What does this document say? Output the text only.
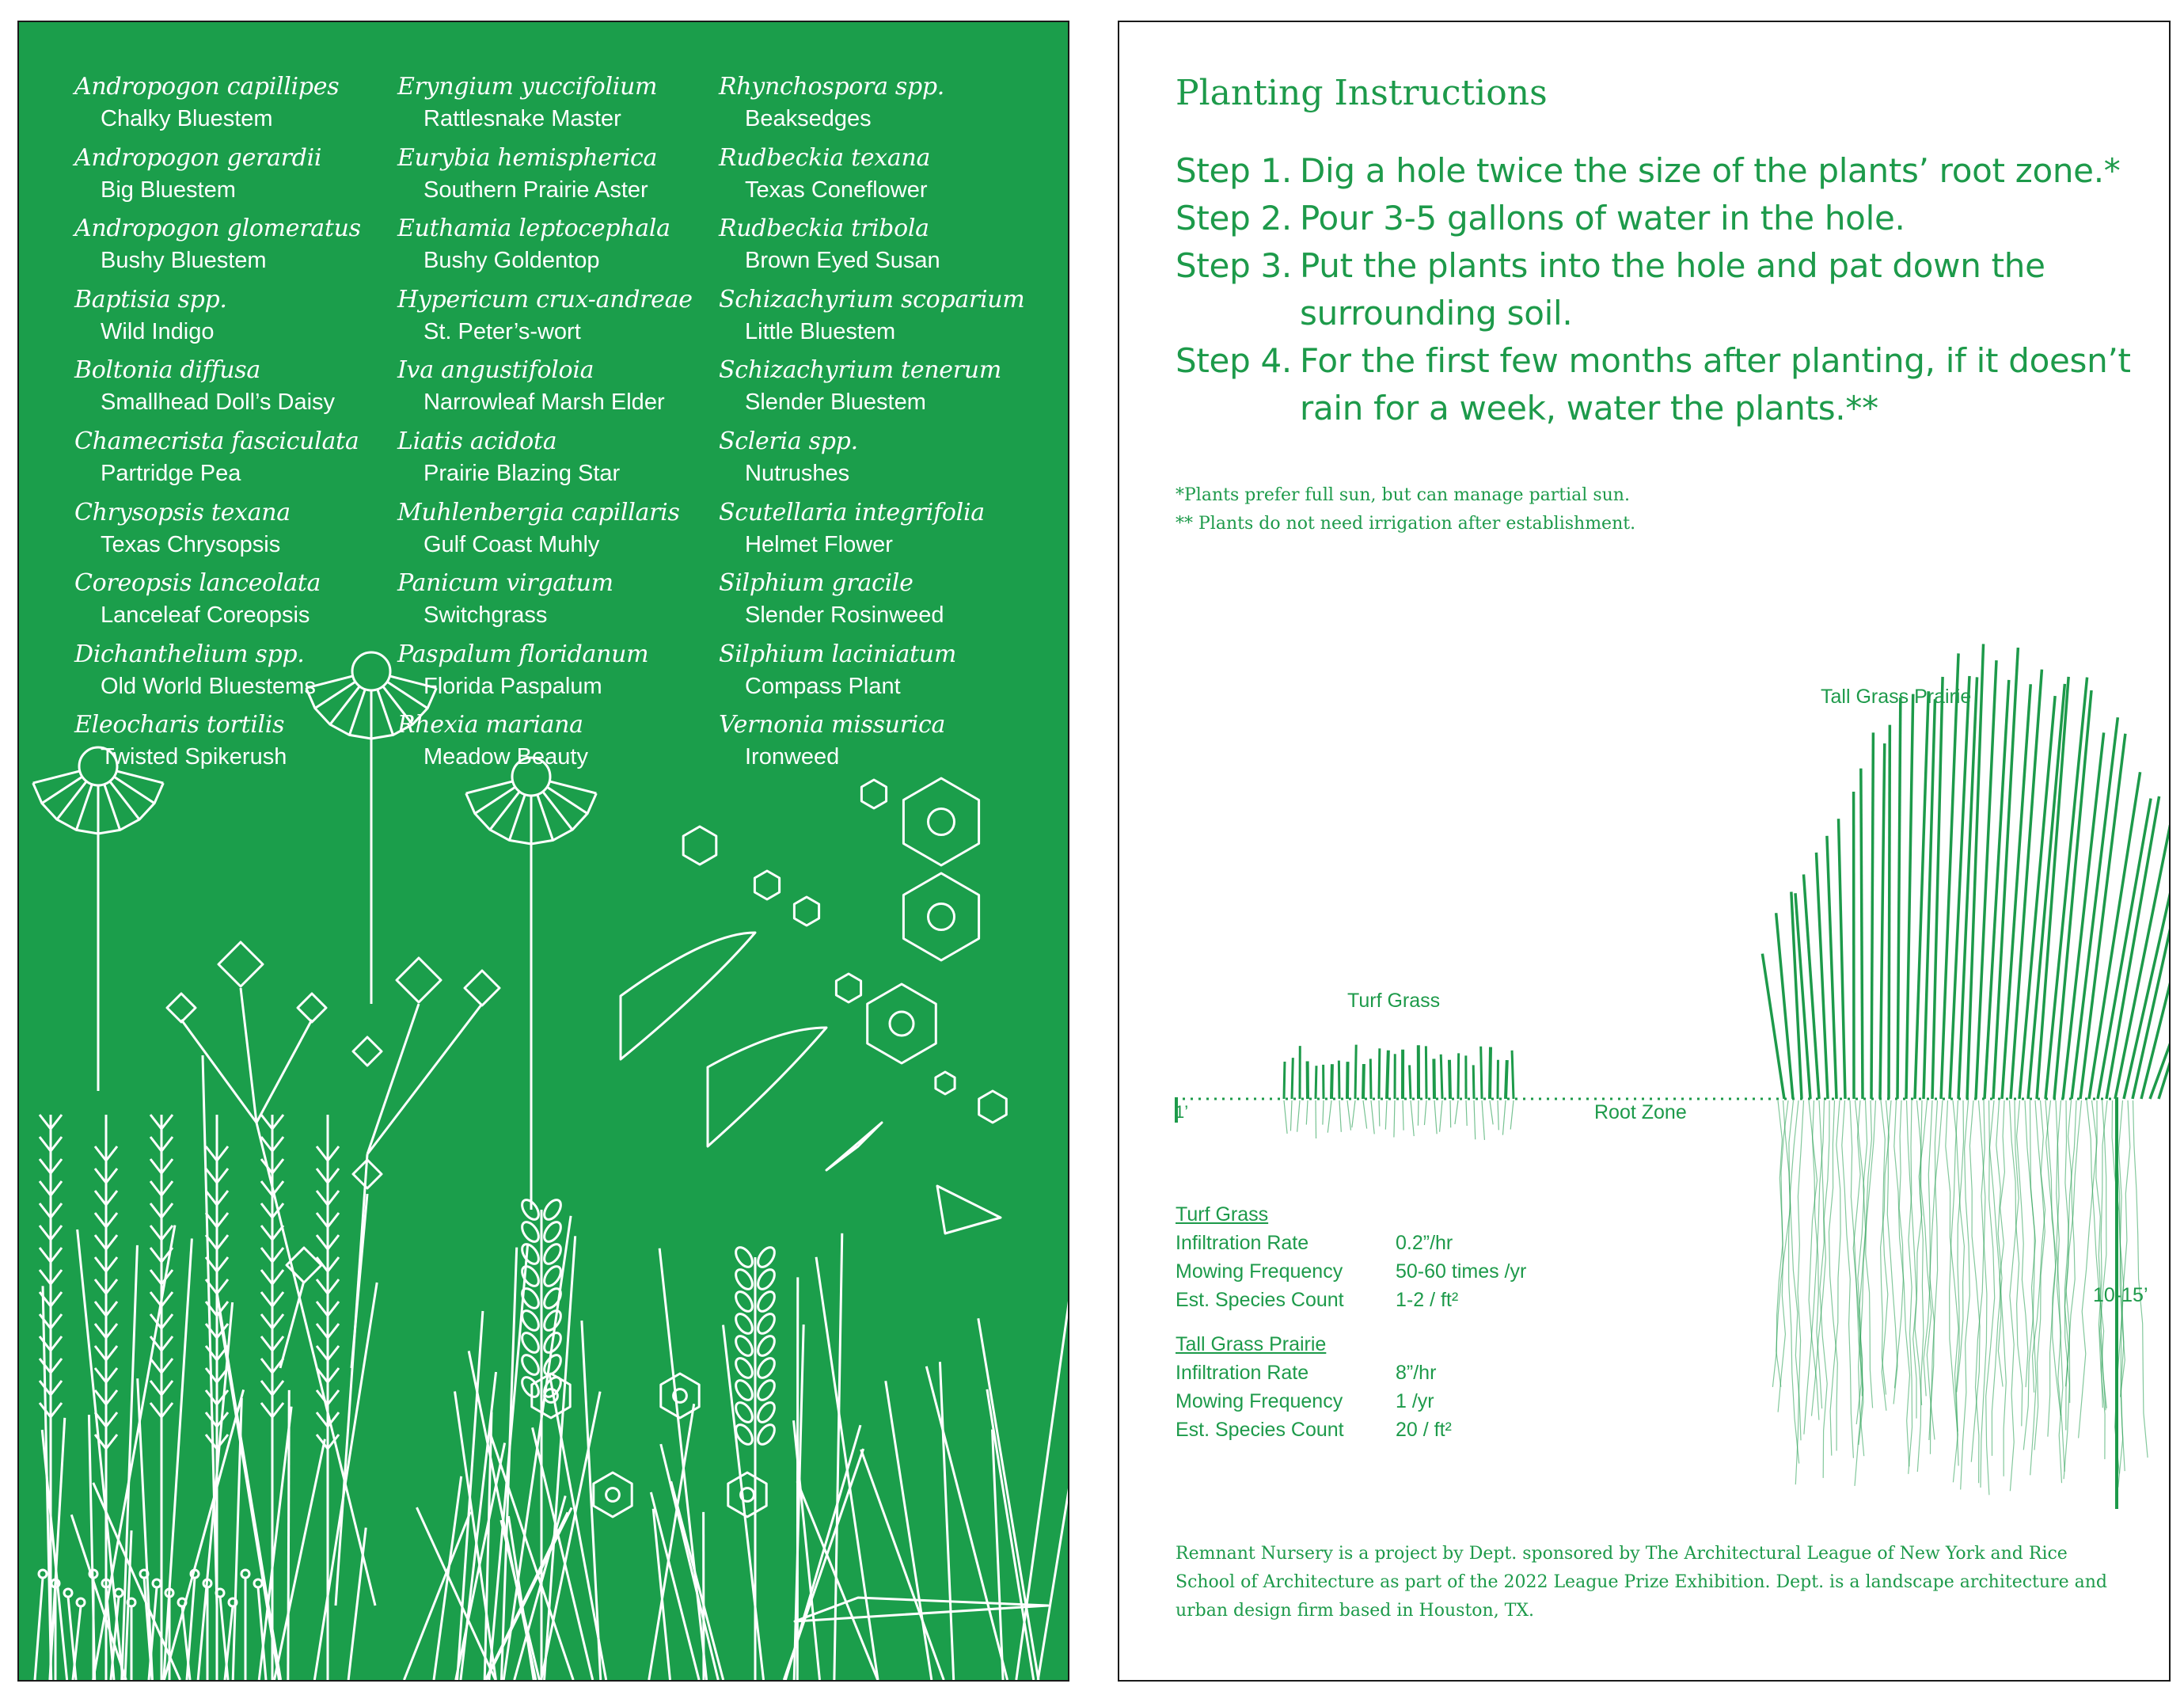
Andropogon capillipes
Chalky Bluestem
Andropogon gerardii
Big Bluestem
Andropogon glomeratus
Bushy Bluestem
Baptisia spp.
Wild Indigo
Boltonia diffusa
Smallhead Doll’s Daisy
Chamecrista fasciculata
Partridge Pea
Chrysopsis texana
Texas Chrysopsis
Coreopsis lanceolata
Lanceleaf Coreopsis
Dichanthelium spp.
Old World Bluestems
Eleocharis tortilis
Twisted Spikerush
Eryngium yuccifolium
Rattlesnake Master
Eurybia hemispherica
Southern Prairie Aster
Euthamia leptocephala
Bushy Goldentop
Hypericum crux-andreae
St. Peter’s-wort
Iva angustifoloia
Narrowleaf Marsh Elder
Liatis acidota
Prairie Blazing Star
Muhlenbergia capillaris
Gulf Coast Muhly
Panicum virgatum
Switchgrass
Paspalum floridanum
Florida Paspalum
Rhexia mariana
Meadow Beauty
Rhynchospora spp.
Beaksedges
Rudbeckia texana
Texas Coneflower
Rudbeckia tribola
Brown Eyed Susan
Schizachyrium scoparium
Little Bluestem
Schizachyrium tenerum
Slender Bluestem
Scleria spp.
Nutrushes
Scutellaria integrifolia
Helmet Flower
Silphium gracile
Slender Rosinweed
Silphium laciniatum
Compass Plant
Vernonia missurica
Ironweed
Planting Instructions
Step 1. Dig a hole twice the size of the plants’ root zone.*
Step 2. Pour 3-5 gallons of water in the hole.
Step 3. Put the plants into the hole and pat down the surrounding soil.
Step 4. For the first few months after planting, if it doesn’t rain for a week, water the plants.**
*Plants prefer full sun, but can manage partial sun.
** Plants do not need irrigation after establishment.
Tall Grass Prairie
Turf Grass
Root Zone
1’
10-15’
Turf Grass
Infiltration Rate	0.2”/hr
Mowing Frequency	50-60 times /yr
Est. Species Count	1-2 / ft²
Tall Grass Prairie
Infiltration Rate	8”/hr
Mowing Frequency	1 /yr
Est. Species Count	20 / ft²
Remnant Nursery is a project by Dept. sponsored by The Architectural League of New York and Rice School of Architecture as part of the 2022 League Prize Exhibition. Dept. is a landscape architecture and urban design firm based in Houston, TX.
